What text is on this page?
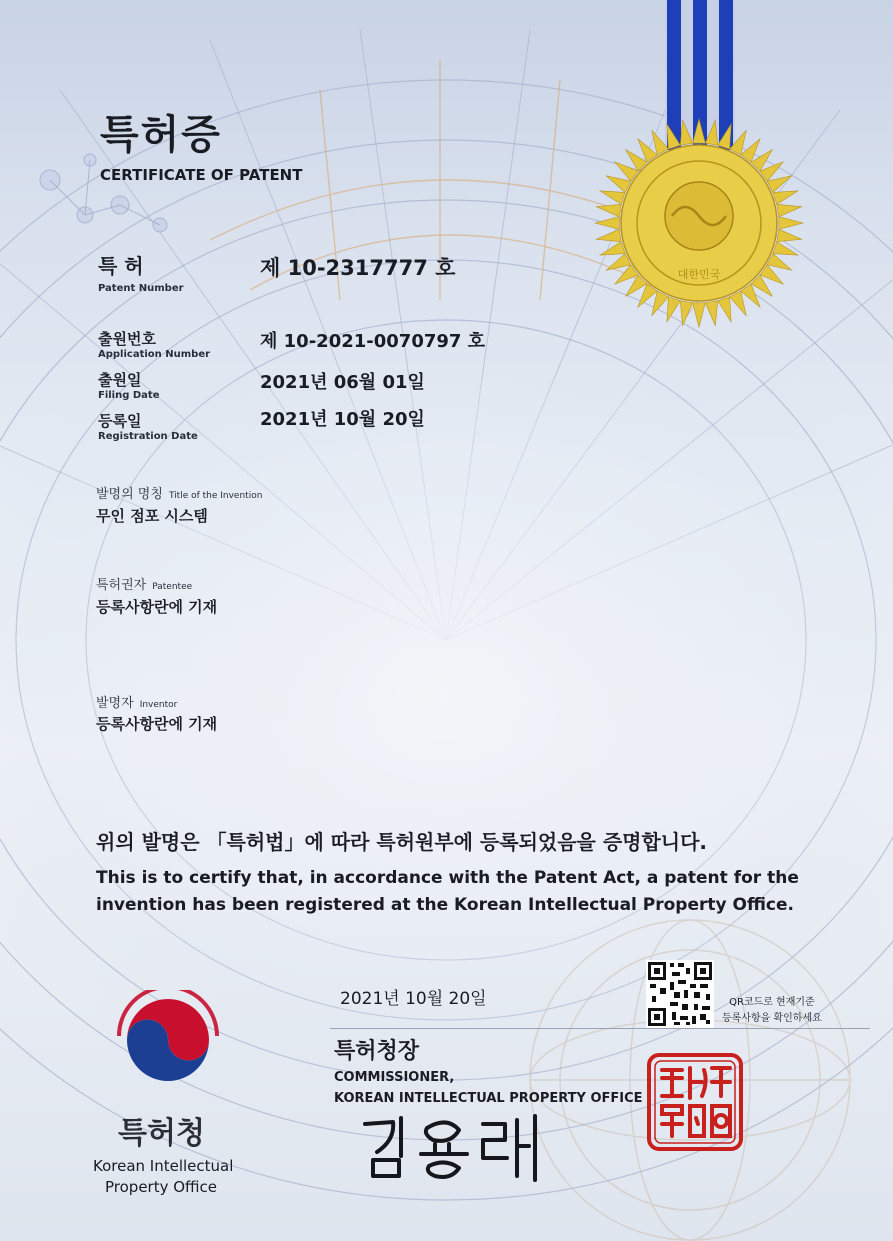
대한민국
특허증
CERTIFICATE OF PATENT
특 허
Patent Number
제 10-2317777 호
출원번호
Application Number
제 10-2021-0070797 호
출원일
Filing Date
2021년 06월 01일
등록일
Registration Date
2021년 10월 20일
발명의 명칭 Title of the Invention
무인 점포 시스템
특허권자 Patentee
등록사항란에 기재
발명자 Inventor
등록사항란에 기재
위의 발명은 「특허법」에 따라 특허원부에 등록되었음을 증명합니다.
This is to certify that, in accordance with the Patent Act, a patent for the
invention has been registered at the Korean Intellectual Property Office.
2021년 10월 20일
특허청장
COMMISSIONER,
KOREAN INTELLECTUAL PROPERTY OFFICE
QR코드로 현재기준
등록사항을 확인하세요
특허청
Korean Intellectual
Property Office
